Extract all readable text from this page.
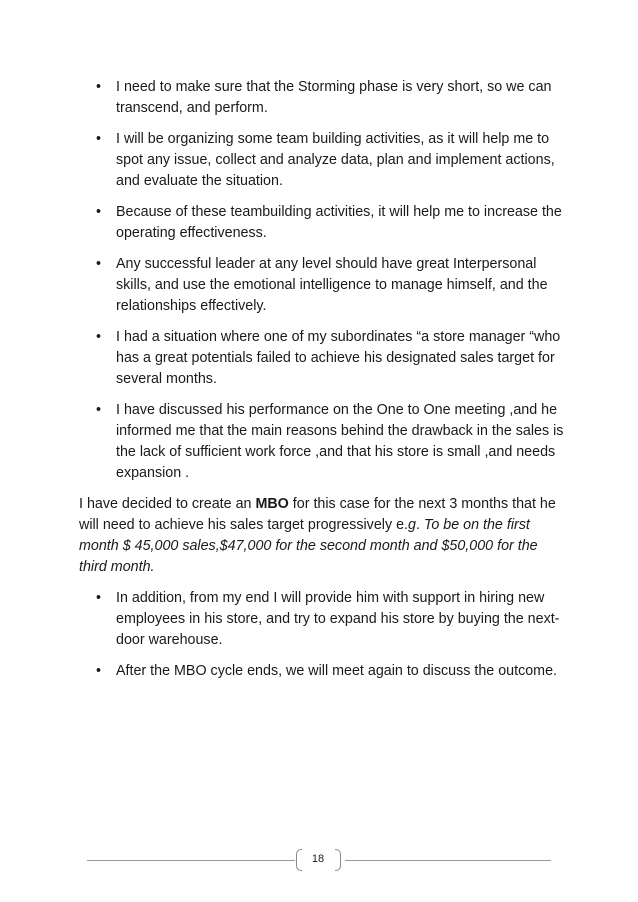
• I need to make sure that the Storming phase is very short, so we can transcend, and perform.
• I will be organizing some team building activities, as it will help me to spot any issue, collect and analyze data, plan and implement actions, and evaluate the situation.
• Because of these teambuilding activities, it will help me to increase the operating effectiveness.
• Any successful leader at any level should have great Interpersonal skills, and use the emotional intelligence to manage himself, and the relationships effectively.
• I had a situation where one of my subordinates “a store manager “who has a great potentials failed to achieve his designated sales target for several months.
• I have discussed his performance on the One to One meeting ,and he informed me that the main reasons behind the drawback in the sales is the lack of sufficient work force ,and that his store is small ,and needs expansion .

I have decided to create an MBO for this case for the next 3 months that he will need to achieve his sales target progressively e.g. To be on the first month $ 45,000 sales,$47,000 for the second month and $50,000 for the third month.

• In addition, from my end I will provide him with support in hiring new employees in his store, and try to expand his store by buying the next-door warehouse.
• After the MBO cycle ends, we will meet again to discuss the outcome.
18
